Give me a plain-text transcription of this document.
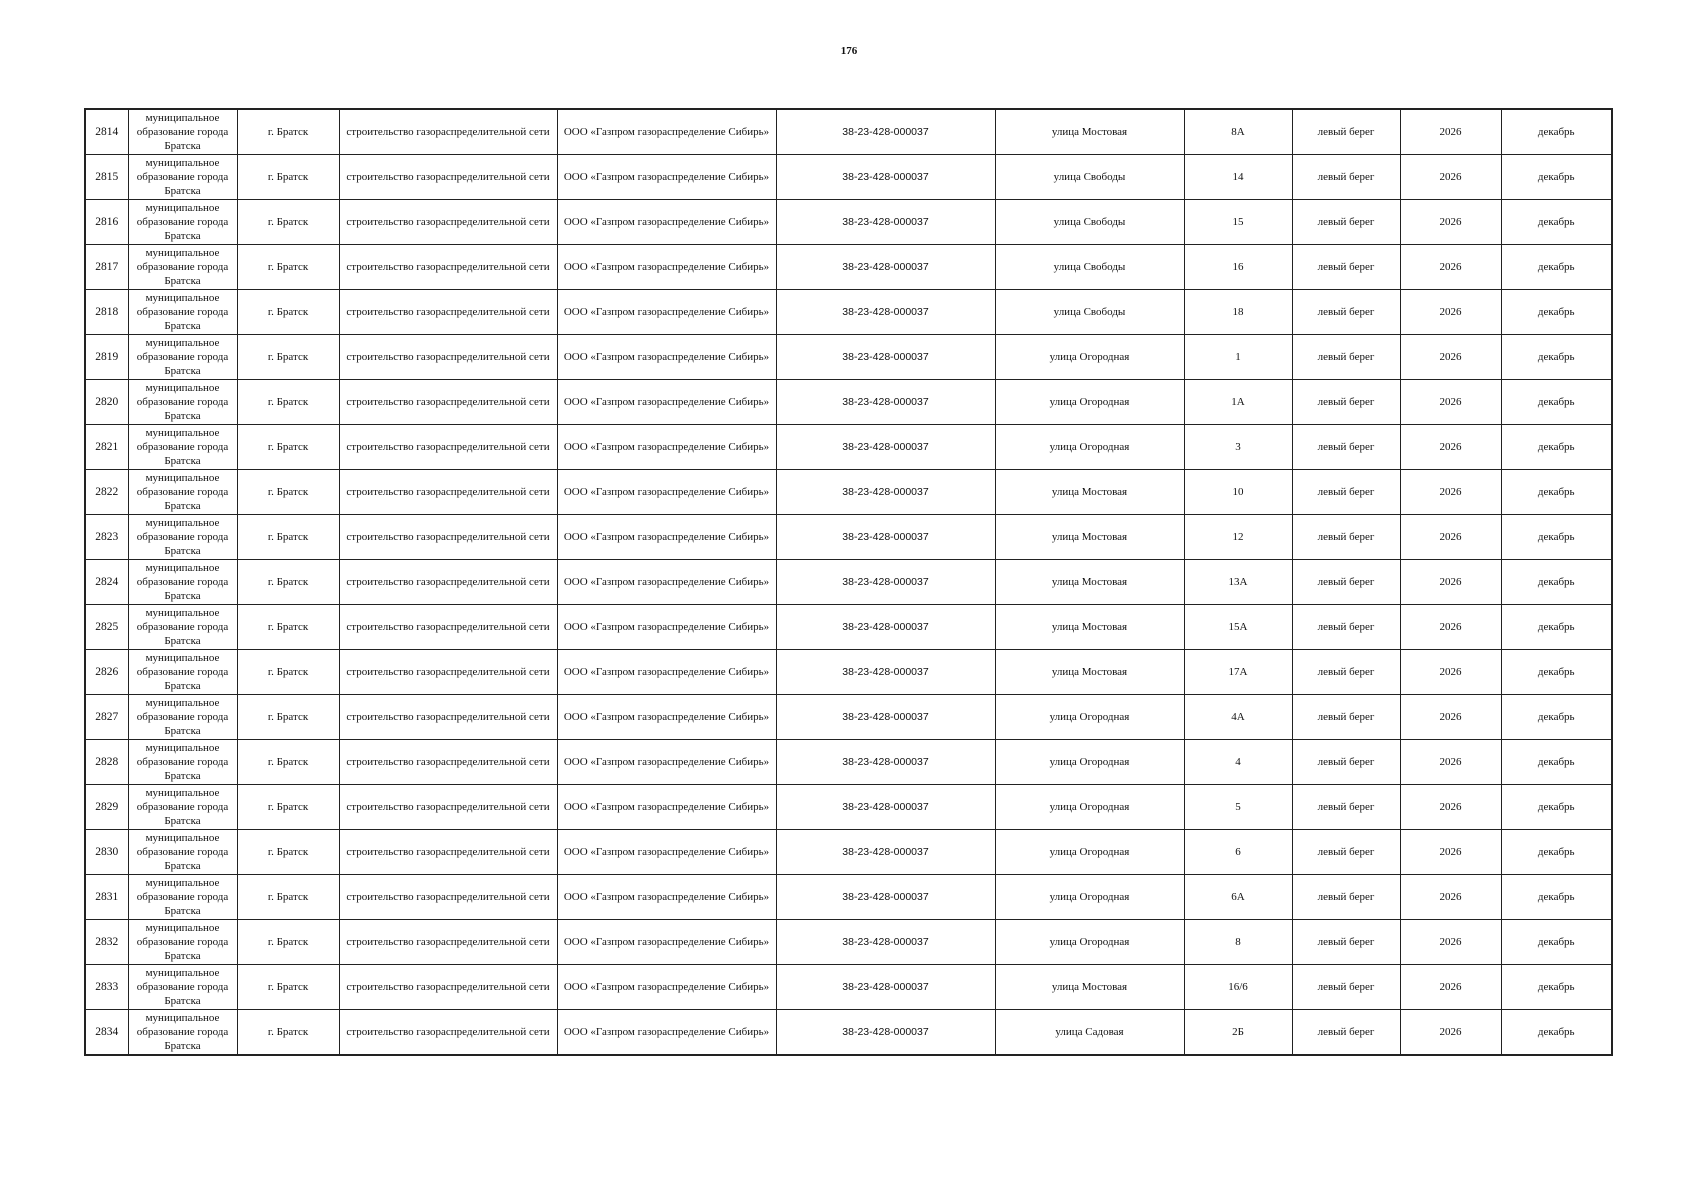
176
2814	муниципальное образование города Братска	г. Братск	строительство газораспределительной сети	ООО «Газпром газораспределение Сибирь»	38-23-428-000037	улица Мостовая	8А	левый берег	2026	декабрь
2815	муниципальное образование города Братска	г. Братск	строительство газораспределительной сети	ООО «Газпром газораспределение Сибирь»	38-23-428-000037	улица Свободы	14	левый берег	2026	декабрь
2816	муниципальное образование города Братска	г. Братск	строительство газораспределительной сети	ООО «Газпром газораспределение Сибирь»	38-23-428-000037	улица Свободы	15	левый берег	2026	декабрь
2817	муниципальное образование города Братска	г. Братск	строительство газораспределительной сети	ООО «Газпром газораспределение Сибирь»	38-23-428-000037	улица Свободы	16	левый берег	2026	декабрь
2818	муниципальное образование города Братска	г. Братск	строительство газораспределительной сети	ООО «Газпром газораспределение Сибирь»	38-23-428-000037	улица Свободы	18	левый берег	2026	декабрь
2819	муниципальное образование города Братска	г. Братск	строительство газораспределительной сети	ООО «Газпром газораспределение Сибирь»	38-23-428-000037	улица Огородная	1	левый берег	2026	декабрь
2820	муниципальное образование города Братска	г. Братск	строительство газораспределительной сети	ООО «Газпром газораспределение Сибирь»	38-23-428-000037	улица Огородная	1А	левый берег	2026	декабрь
2821	муниципальное образование города Братска	г. Братск	строительство газораспределительной сети	ООО «Газпром газораспределение Сибирь»	38-23-428-000037	улица Огородная	3	левый берег	2026	декабрь
2822	муниципальное образование города Братска	г. Братск	строительство газораспределительной сети	ООО «Газпром газораспределение Сибирь»	38-23-428-000037	улица Мостовая	10	левый берег	2026	декабрь
2823	муниципальное образование города Братска	г. Братск	строительство газораспределительной сети	ООО «Газпром газораспределение Сибирь»	38-23-428-000037	улица Мостовая	12	левый берег	2026	декабрь
2824	муниципальное образование города Братска	г. Братск	строительство газораспределительной сети	ООО «Газпром газораспределение Сибирь»	38-23-428-000037	улица Мостовая	13А	левый берег	2026	декабрь
2825	муниципальное образование города Братска	г. Братск	строительство газораспределительной сети	ООО «Газпром газораспределение Сибирь»	38-23-428-000037	улица Мостовая	15А	левый берег	2026	декабрь
2826	муниципальное образование города Братска	г. Братск	строительство газораспределительной сети	ООО «Газпром газораспределение Сибирь»	38-23-428-000037	улица Мостовая	17А	левый берег	2026	декабрь
2827	муниципальное образование города Братска	г. Братск	строительство газораспределительной сети	ООО «Газпром газораспределение Сибирь»	38-23-428-000037	улица Огородная	4А	левый берег	2026	декабрь
2828	муниципальное образование города Братска	г. Братск	строительство газораспределительной сети	ООО «Газпром газораспределение Сибирь»	38-23-428-000037	улица Огородная	4	левый берег	2026	декабрь
2829	муниципальное образование города Братска	г. Братск	строительство газораспределительной сети	ООО «Газпром газораспределение Сибирь»	38-23-428-000037	улица Огородная	5	левый берег	2026	декабрь
2830	муниципальное образование города Братска	г. Братск	строительство газораспределительной сети	ООО «Газпром газораспределение Сибирь»	38-23-428-000037	улица Огородная	6	левый берег	2026	декабрь
2831	муниципальное образование города Братска	г. Братск	строительство газораспределительной сети	ООО «Газпром газораспределение Сибирь»	38-23-428-000037	улица Огородная	6А	левый берег	2026	декабрь
2832	муниципальное образование города Братска	г. Братск	строительство газораспределительной сети	ООО «Газпром газораспределение Сибирь»	38-23-428-000037	улица Огородная	8	левый берег	2026	декабрь
2833	муниципальное образование города Братска	г. Братск	строительство газораспределительной сети	ООО «Газпром газораспределение Сибирь»	38-23-428-000037	улица Мостовая	16/6	левый берег	2026	декабрь
2834	муниципальное образование города Братска	г. Братск	строительство газораспределительной сети	ООО «Газпром газораспределение Сибирь»	38-23-428-000037	улица Садовая	2Б	левый берег	2026	декабрь
